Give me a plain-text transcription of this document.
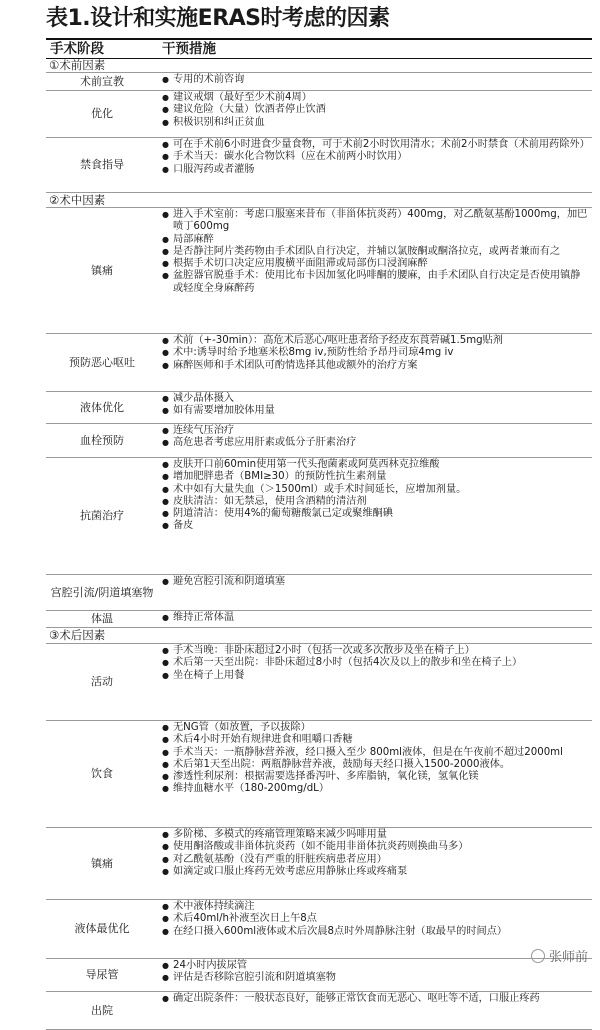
表1.设计和实施ERAS时考虑的因素
手术阶段	干预措施
①术前因素
术前宣教	● 专用的术前咨询
优化
● 建议戒烟（最好至少术前4周）
● 建议危险（大量）饮酒者停止饮酒
● 积极识别和纠正贫血
禁食指导
● 可在手术前6小时进食少量食物，可于术前2小时饮用清水；术前2小时禁食（术前用药除外）
● 手术当天：碳水化合物饮料（应在术前两小时饮用）
● 口服泻药或者灌肠
②术中因素
镇痛
● 进入手术室前：考虑口服塞来昔布（非甾体抗炎药）400mg，对乙酰氨基酚1000mg，加巴喷丁600mg
● 局部麻醉
● 是否静注阿片类药物由手术团队自行决定，并辅以氯胺酮或酮洛拉克，或两者兼而有之
● 根据手术切口决定应用腹横平面阻滞或局部伤口浸润麻醉
● 盆腔器官脱垂手术：使用比布卡因加氢化吗啡酮的腰麻，由手术团队自行决定是否使用镇静或轻度全身麻醉药
预防恶心呕吐
● 术前（+-30min）：高危术后恶心/呕吐患者给予经皮东莨菪碱1.5mg贴剂
● 术中:诱导时给予地塞米松8mg iv,预防性给予昂丹司琼4mg iv
● 麻醉医师和手术团队可酌情选择其他或额外的治疗方案
液体优化
● 减少晶体摄入
● 如有需要增加胶体用量
血栓预防
● 连续气压治疗
● 高危患者考虑应用肝素或低分子肝素治疗
抗菌治疗
● 皮肤开口前60min使用第一代头孢菌素或阿莫西林克拉维酸
● 增加肥胖患者（BMI≥30）的预防性抗生素剂量
● 术中如有大量失血（＞1500ml）或手术时间延长，应增加剂量。
● 皮肤清洁：如无禁忌，使用含酒精的清洁剂
● 阴道清洁：使用4%的葡萄糖酸氯己定或聚维酮碘
● 备皮
宫腔引流/阴道填塞物
● 避免宫腔引流和阴道填塞
体温	● 维持正常体温
③术后因素
活动
● 手术当晚：非卧床超过2小时（包括一次或多次散步及坐在椅子上）
● 术后第一天至出院：非卧床超过8小时（包括4次及以上的散步和坐在椅子上）
● 坐在椅子上用餐
饮食
● 无NG管（如放置，予以拔除）
● 术后4小时开始有规律进食和咀嚼口香糖
● 手术当天：一瓶静脉营养液，经口摄入至少 800ml液体，但是在午夜前不超过2000ml
● 术后第1天至出院：两瓶静脉营养液，鼓励每天经口摄入1500-2000液体。
● 渗透性利尿剂：根据需要选择番泻叶、多库脂钠，氧化镁，氢氧化镁
● 维持血糖水平（180-200mg/dL）
镇痛
● 多阶梯、多模式的疼痛管理策略来减少吗啡用量
● 使用酮洛酸或非甾体抗炎药（如不能用非甾体抗炎药则换曲马多）
● 对乙酰氨基酚（没有严重的肝脏疾病患者应用）
● 如滴定或口服止疼药无效考虑应用静脉止疼或疼痛泵
液体最优化
● 术中液体持续滴注
● 术后40ml/h补液至次日上午8点
● 在经口摄入600ml液体或术后次晨8点时外周静脉注射（取最早的时间点）
导尿管
● 24小时内拔尿管
● 评估是否移除宫腔引流和阴道填塞物
出院
● 确定出院条件：一般状态良好，能够正常饮食而无恶心、呕吐等不适，口服止疼药
张师前
